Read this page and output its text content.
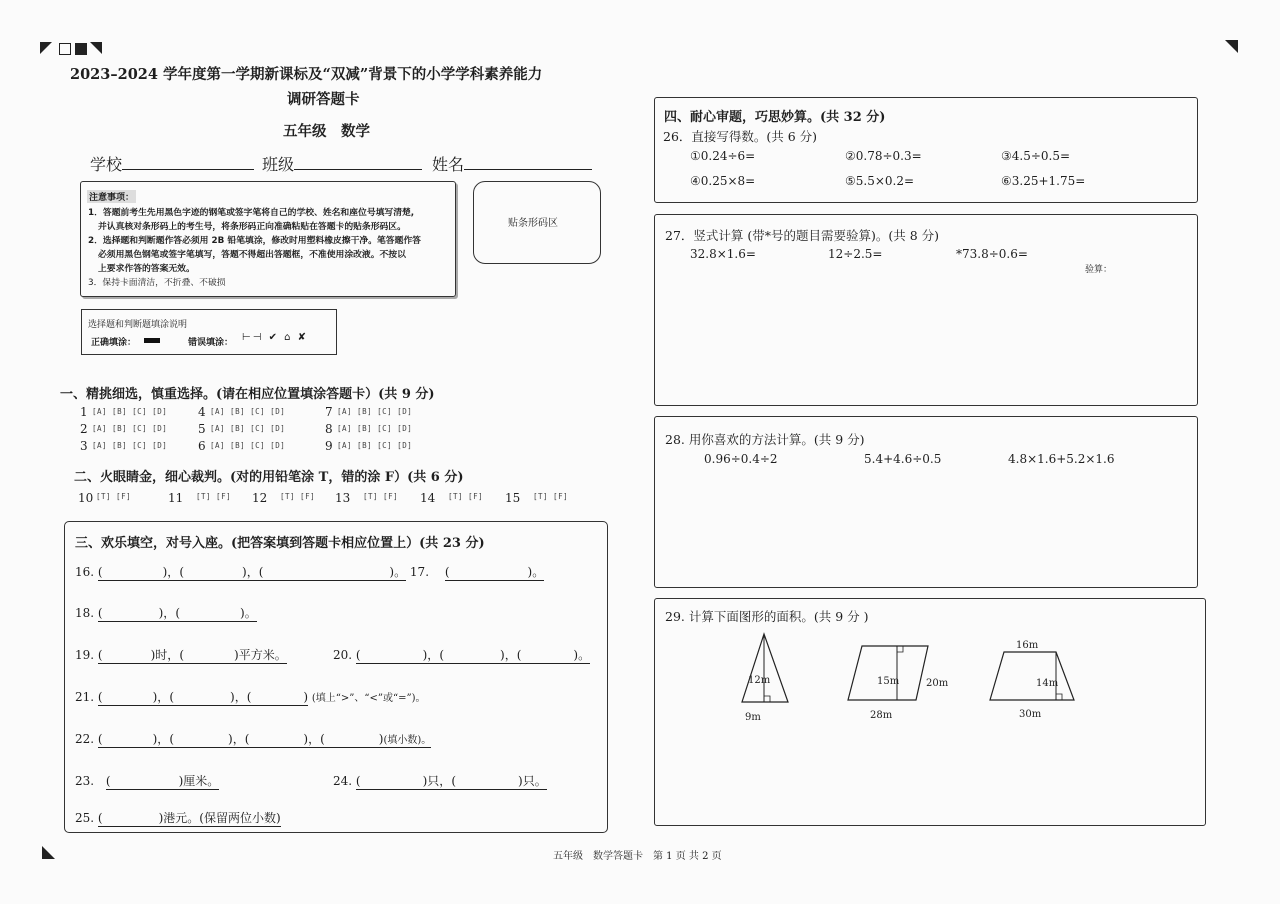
2023–2024 学年度第一学期新课标及“双减”背景下的小学学科素养能力
调研答题卡
五年级　数学
学校	班级	姓名
注意事项：
1．答题前考生先用黑色字迹的钢笔或签字笔将自己的学校、姓名和座位号填写清楚,
并认真核对条形码上的考生号，将条形码正向准确粘贴在答题卡的贴条形码区。
2．选择题和判断题作答必须用 2B 铅笔填涂，修改时用塑料橡皮擦干净。笔答题作答
必须用黑色钢笔或签字笔填写，答题不得超出答题框，不准使用涂改液。不按以
上要求作答的答案无效。
3．保持卡面清洁，不折叠、不破损
贴条形码区
选择题和判断题填涂说明
正确填涂：	错误填涂： ⊢⊣ ✔ ⌂ ✘
一、精挑细选，慎重选择。(请在相应位置填涂答题卡）(共 9 分)
1 [A] [B] [C] [D]	4 [A] [B] [C] [D]	7 [A] [B] [C] [D]
2 [A] [B] [C] [D]	5 [A] [B] [C] [D]	8 [A] [B] [C] [D]
3 [A] [B] [C] [D]	6 [A] [B] [C] [D]	9 [A] [B] [C] [D]
二、火眼睛金，细心裁判。(对的用铅笔涂 T，错的涂 F）(共 6 分)
10 [T] [F]	11 [T] [F] 12 [T] [F] 13 [T] [F] 14 [T] [F] 15 [T] [F]
三、欢乐填空，对号入座。(把答案填到答题卡相应位置上）(共 23 分)
16. (	)，(	)，(	)。 17. (	)。
18. (	)，(	)。
19. (	)时，(	)平方米。	20. (	)，(	)，(	)。
21. (	)，(	)，(	) (填上“>”、“<”或“=”)。
22. (	)，(	)，(	)，(	)(填小数)。
23. (	)厘米。	24. (	)只，(	)只。
25. (	)港元。(保留两位小数)
四、耐心审题，巧思妙算。(共 32 分)
26．直接写得数。(共 6 分)
①0.24÷6=	②0.78÷0.3=	③4.5÷0.5=
④0.25×8=	⑤5.5×0.2=	⑥3.25+1.75=
27．竖式计算 (带*号的题目需要验算)。(共 8 分)
32.8×1.6=	12÷2.5=	*73.8÷0.6=
验算：
28. 用你喜欢的方法计算。(共 9 分)
0.96÷0.4÷2	5.4+4.6÷0.5	4.8×1.6+5.2×1.6
29. 计算下面图形的面积。(共 9 分 )
12m
9m
15m	20m
28m
16m
14m
30m
五年级　数学答题卡　第 1 页 共 2 页
